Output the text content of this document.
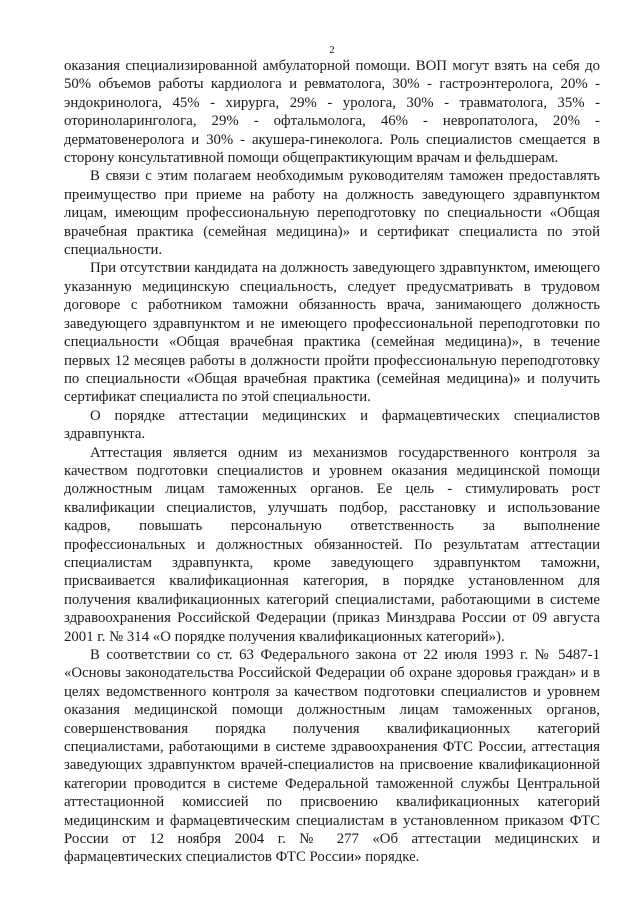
2

оказания специализированной амбулаторной помощи. ВОП могут взять на себя до 50% объемов работы кардиолога и ревматолога, 30% - гастроэнтеролога, 20% - эндокринолога, 45% - хирурга, 29% - уролога, 30% - травматолога, 35% - оториноларинголога, 29% - офтальмолога, 46% - невропатолога, 20% - дерматовенеролога и 30% - акушера-гинеколога. Роль специалистов смещается в сторону консультативной помощи общепрактикующим врачам и фельдшерам.

В связи с этим полагаем необходимым руководителям таможен предоставлять преимущество при приеме на работу на должность заведующего здравпунктом лицам, имеющим профессиональную переподготовку по специальности «Общая врачебная практика (семейная медицина)» и сертификат специалиста по этой специальности.

При отсутствии кандидата на должность заведующего здравпунктом, имеющего указанную медицинскую специальность, следует предусматривать в трудовом договоре с работником таможни обязанность врача, занимающего должность заведующего здравпунктом и не имеющего профессиональной переподготовки по специальности «Общая врачебная практика (семейная медицина)», в течение первых 12 месяцев работы в должности пройти профессиональную переподготовку по специальности «Общая врачебная практика (семейная медицина)» и получить сертификат специалиста по этой специальности.

О порядке аттестации медицинских и фармацевтических специалистов здравпункта.

Аттестация является одним из механизмов государственного контроля за качеством подготовки специалистов и уровнем оказания медицинской помощи должностным лицам таможенных органов. Ее цель - стимулировать рост квалификации специалистов, улучшать подбор, расстановку и использование кадров, повышать персональную ответственность за выполнение профессиональных и должностных обязанностей. По результатам аттестации специалистам здравпункта, кроме заведующего здравпунктом таможни, присваивается квалификационная категория, в порядке установленном для получения квалификационных категорий специалистами, работающими в системе здравоохранения Российской Федерации (приказ Минздрава России от 09 августа 2001 г. № 314 «О порядке получения квалификационных категорий»).

В соответствии со ст. 63 Федерального закона от 22 июля 1993 г. № 5487-1 «Основы законодательства Российской Федерации об охране здоровья граждан» и в целях ведомственного контроля за качеством подготовки специалистов и уровнем оказания медицинской помощи должностным лицам таможенных органов, совершенствования порядка получения квалификационных категорий специалистами, работающими в системе здравоохранения ФТС России, аттестация заведующих здравпунктом врачей-специалистов на присвоение квалификационной категории проводится в системе Федеральной таможенной службы Центральной аттестационной комиссией по присвоению квалификационных категорий медицинским и фармацевтическим специалистам в установленном приказом ФТС России от 12 ноября 2004 г. № 277 «Об аттестации медицинских и фармацевтических специалистов ФТС России» порядке.
